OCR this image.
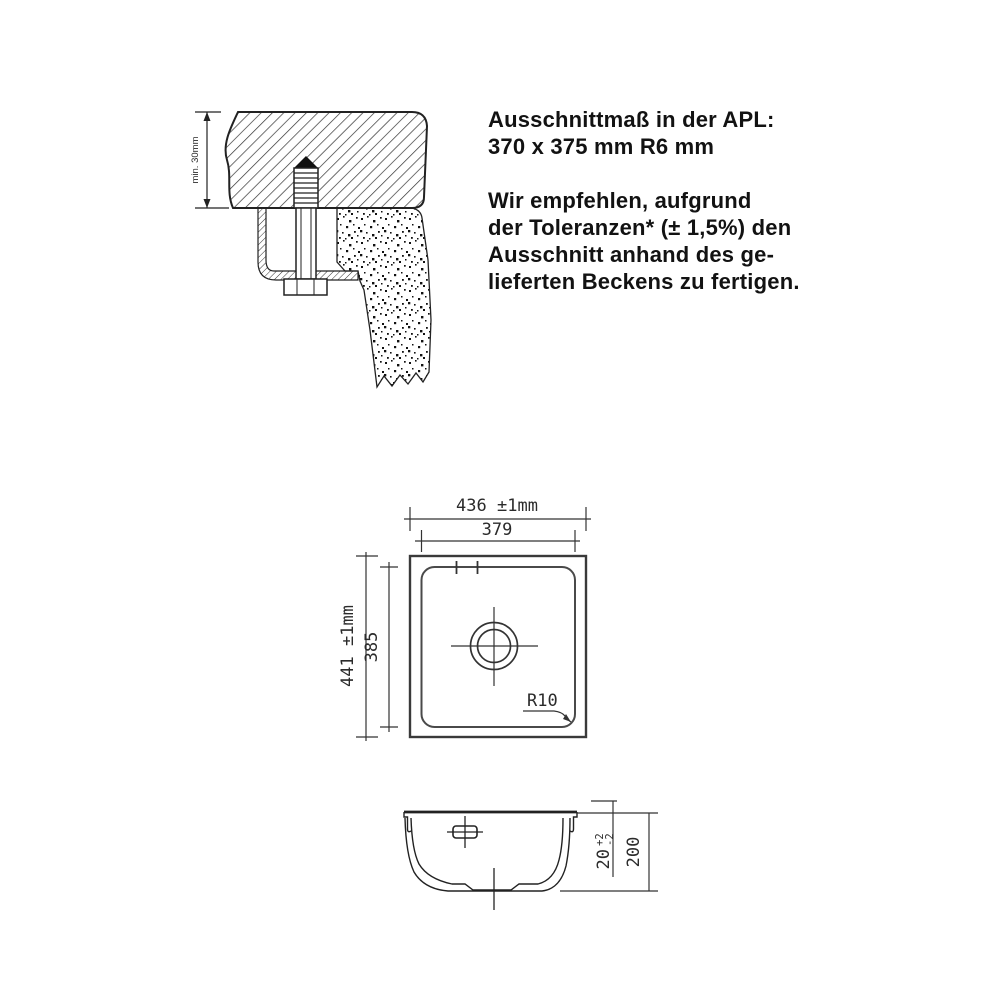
min. 30mm
Ausschnittmaß in der APL:
370 x 375 mm R6 mm
Wir empfehlen, aufgrund
der Toleranzen* (± 1,5%) den
Ausschnitt anhand des ge-
lieferten Beckens zu fertigen.
R10
436 ±1mm
379
441 ±1mm 385
20
+2
-2 200
